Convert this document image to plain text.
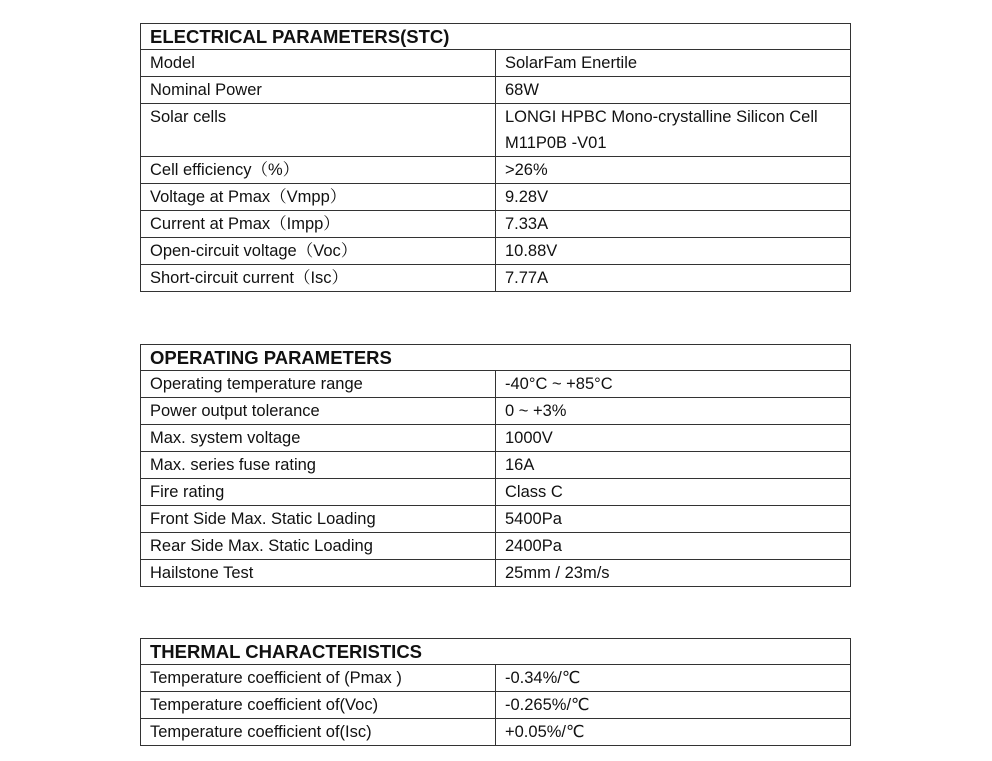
ELECTRICAL PARAMETERS(STC)	
Model	SolarFam Enertile
Nominal Power	68W
Solar cells	LONGI HPBC Mono-crystalline Silicon Cell M11P0B -V01
Cell efficiency（%）	>26%
Voltage at Pmax（Vmpp）	9.28V
Current at Pmax（Impp）	7.33A
Open-circuit voltage（Voc）	10.88V
Short-circuit current（Isc）	7.77A
OPERATING PARAMETERS	
Operating temperature range	-40°C ~ +85°C
Power output tolerance	0 ~ +3%
Max. system voltage	1000V
Max. series fuse rating	16A
Fire rating	Class C
Front Side Max. Static Loading	5400Pa
Rear Side Max. Static Loading	2400Pa
Hailstone Test	25mm / 23m/s
THERMAL CHARACTERISTICS	
Temperature coefficient of (Pmax )	-0.34%/℃
Temperature coefficient of(Voc)	-0.265%/℃
Temperature coefficient of(Isc)	+0.05%/℃
